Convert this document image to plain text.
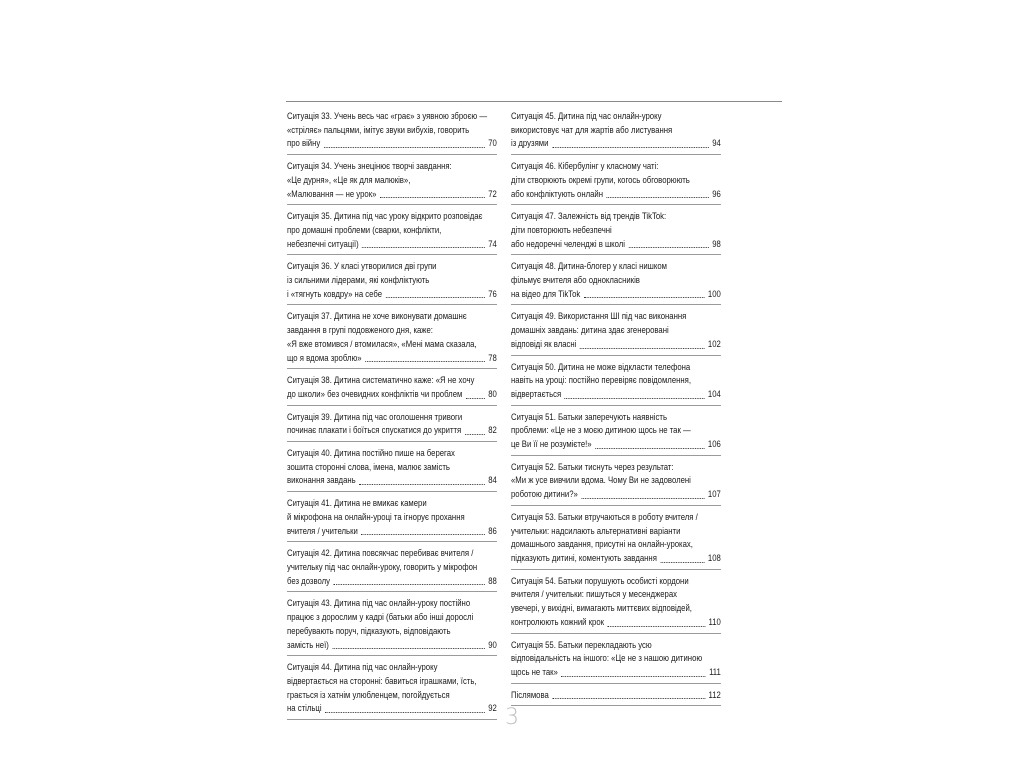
Ситуація 33. Учень весь час «грає» з уявною зброєю —
«стріляє» пальцями, імітує звуки вибухів, говорить
про війну	70
Ситуація 34. Учень знецінює творчі завдання:
«Це дурня», «Це як для малюків»,
«Малювання — не урок»	72
Ситуація 35. Дитина під час уроку відкрито розповідає
про домашні проблеми (сварки, конфлікти,
небезпечні ситуації)	74
Ситуація 36. У класі утворилися дві групи
із сильними лідерами, які конфліктують
і «тягнуть ковдру» на себе	76
Ситуація 37. Дитина не хоче виконувати домашнє
завдання в групі подовженого дня, каже:
«Я вже втомився / втомилася», «Мені мама сказала,
що я вдома зроблю»	78
Ситуація 38. Дитина систематично каже: «Я не хочу
до школи» без очевидних конфліктів чи проблем	80
Ситуація 39. Дитина під час оголошення тривоги
починає плакати і боїться спускатися до укриття	82
Ситуація 40. Дитина постійно пише на берегах
зошита сторонні слова, імена, малює замість
виконання завдань	84
Ситуація 41. Дитина не вмикає камери
й мікрофона на онлайн-уроці та ігнорує прохання
вчителя / учительки	86
Ситуація 42. Дитина повсякчас перебиває вчителя /
учительку під час онлайн-уроку, говорить у мікрофон
без дозволу	88
Ситуація 43. Дитина під час онлайн-уроку постійно
працює з дорослим у кадрі (батьки або інші дорослі
перебувають поруч, підказують, відповідають
замість неї)	90
Ситуація 44. Дитина під час онлайн-уроку
відвертається на сторонні: бавиться іграшками, їсть,
грається із хатнім улюбленцем, погойдується
на стільці	92
Ситуація 45. Дитина під час онлайн-уроку
використовує чат для жартів або листування
із друзями	94
Ситуація 46. Кібербулінг у класному чаті:
діти створюють окремі групи, когось обговорюють
або конфліктують онлайн	96
Ситуація 47. Залежність від трендів TikTok:
діти повторюють небезпечні
або недоречні челенджі в школі	98
Ситуація 48. Дитина-блогер у класі нишком
фільмує вчителя або однокласників
на відео для TikTok	100
Ситуація 49. Використання ШІ під час виконання
домашніх завдань: дитина здає згенеровані
відповіді як власні	102
Ситуація 50. Дитина не може відкласти телефона
навіть на уроці: постійно перевіряє повідомлення,
відвертається	104
Ситуація 51. Батьки заперечують наявність
проблеми: «Це не з моєю дитиною щось не так —
це Ви її не розумієте!»	106
Ситуація 52. Батьки тиснуть через результат:
«Ми ж усе вивчили вдома. Чому Ви не задоволені
роботою дитини?»	107
Ситуація 53. Батьки втручаються в роботу вчителя /
учительки: надсилають альтернативні варіанти
домашнього завдання, присутні на онлайн-уроках,
підказують дитині, коментують завдання	108
Ситуація 54. Батьки порушують особисті кордони
вчителя / учительки: пишуться у месенджерах
увечері, у вихідні, вимагають миттєвих відповідей,
контролюють кожний крок	110
Ситуація 55. Батьки перекладають усю
відповідальність на іншого: «Це не з нашою дитиною
щось не так»	111
Післямова	112
3
